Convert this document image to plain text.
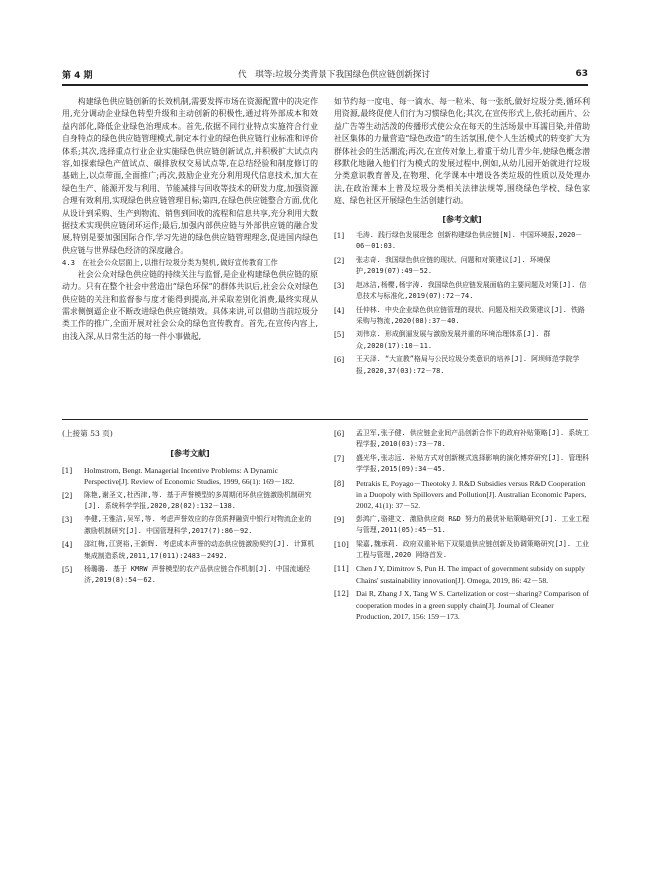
第 4 期	代　琪等:垃圾分类背景下我国绿色供应链创新探讨	63

构建绿色供应链创新的长效机制,需要发挥市场在资源配置中的决定作用,充分调动企业绿色转型升级和主动创新的积极性,通过将外部成本和效益内部化,降低企业绿色治理成本。首先,依据不同行业特点实施符合行业自身特点的绿色供应链管理模式,制定本行业的绿色供应链行业标准和评价体系;其次,选择重点行业企业实施绿色供应链创新试点,并积极扩大试点内容,如探索绿色产值试点、碳排放权交易试点等,在总结经验和制度修订的基础上,以点带面,全面推广;再次,鼓励企业充分利用现代信息技术,加大在绿色生产、能源开发与利用、节能减排与回收等技术的研发力度,加强资源合理有效利用,实现绿色供应链管理目标;第四,在绿色供应链整合方面,优化从设计到采购、生产到物流、销售到回收的流程和信息共享,充分利用大数据技术实现供应链闭环运作;最后,加强内部供应链与外部供应链的融合发展,特别是要加强国际合作,学习先进的绿色供应链管理理念,促进国内绿色供应链与世界绿色经济的深度融合。

4.3　在社会公众层面上,以推行垃圾分类为契机,做好宣传教育工作

社会公众对绿色供应链的持续关注与监督,是企业构建绿色供应链的原动力。只有在整个社会中营造出“绿色环保”的群体共识后,社会公众对绿色供应链的关注和监督参与度才能得到提高,并采取差别化消费,最终实现从需求侧倒逼企业不断改进绿色供应链绩效。具体来讲,可以借助当前垃圾分类工作的推广,全面开展对社会公众的绿色宣传教育。首先,在宣传内容上,由浅入深,从日常生活的每一件小事做起,

如节约每一度电、每一滴水、每一粒米、每一张纸,做好垃圾分类,循环利用资源,最终促使人们行为习惯绿色化;其次,在宣传形式上,依托动画片、公益广告等生动活泼的传播形式使公众在每天的生活场景中耳濡目染,并借助社区集体的力量营造“绿色改造”的生活氛围,使个人生活模式的转变扩大为群体社会的生活潮流;再次,在宣传对象上,着重于幼儿青少年,使绿色概念潜移默化地融入他们行为模式的发展过程中,例如,从幼儿园开始就进行垃圾分类意识教育普及,在物理、化学课本中增设各类垃圾的性质以及处理办法,在政治课本上普及垃圾分类相关法律法规等,围绕绿色学校、绿色家庭、绿色社区开展绿色生活创建行动。

[参考文献]
[1]	毛涛. 践行绿色发展理念 创新构建绿色供应链[N]. 中国环境报,2020－06－01:03.
[2]	张志奇. 我国绿色供应链的现状、问题和对策建议[J]. 环境保护,2019(07):49－52.
[3]	赵冰洁,杨樱,杨宇涛. 我国绿色供应链发展面临的主要问题及对策[J]. 信息技术与标准化,2019(07):72－74.
[4]	任仲林. 中央企业绿色供应链管理的现状、问题及相关政策建议[J]. 铁路采购与物流,2020(08):37－40.
[5]	刘伟京. 形成倒逼发展与激励发展并重的环境治理体系[J]. 群众,2020(17):10－11.
[6]	王天泽. “大宣教”格局与公民垃圾分类意识的培养[J]. 阿坝师范学院学报,2020,37(03):72－78.
(上接第 53 页)
[参考文献]
[1]	Holmstrom, Bengt. Managerial Incentive Problems: A Dynamic Perspective[J]. Review of Economic Studies, 1999, 66(1): 169－182.
[2]	陈艳,谢圣文,杜西津,等. 基于声誉模型的多周期闭环供应链激励机制研究[J]. 系统科学学报,2020,28(02):132－138.
[3]	李健,王雅洁,吴军,等. 考虑声誉效应的存货质押融资中银行对物流企业的激励机制研究[J]. 中国管理科学,2017(7):86－92.
[4]	邵红梅,江贤裕,王新辉. 考虑成本声誉的动态供应链激励契约[J]. 计算机集成制造系统,2011,17(011):2483－2492.
[5]	杨璐璐. 基于 KMRW 声誉模型的农产品供应链合作机制[J]. 中国流通经济,2019(8):54－62.
[6]	孟卫军,张子健. 供应链企业间产品创新合作下的政府补贴策略[J]. 系统工程学报,2010(03):73－78.
[7]	盛光华,张志远. 补贴方式对创新模式选择影响的演化博弈研究[J]. 管理科学学报,2015(09):34－45.
[8]	Petrakis E, Poyago－Theotoky J. R&D Subsidies versus R&D Cooperation in a Duopoly with Spillovers and Pollution[J]. Australian Economic Papers, 2002, 41(1): 37－52.
[9]	彭鸿广,骆建文. 激励供应商 R&D 努力的最优补贴策略研究[J]. 工业工程与管理,2011(05):45－51.
[10]	梁嘉,魏承莉. 政府双重补贴下双渠道供应链创新及协调策略研究[J]. 工业工程与管理,2020 网络首发.
[11] Chen J Y, Dimitrov S, Pun H. The impact of government subsidy on supply Chains' sustainability innovation[J]. Omega, 2019, 86: 42－58.
[12] Dai R, Zhang J X, Tang W S. Cartelization or cost－sharing? Comparison of cooperation modes in a green supply chain[J]. Journal of Cleaner Production, 2017, 156: 159－173.
